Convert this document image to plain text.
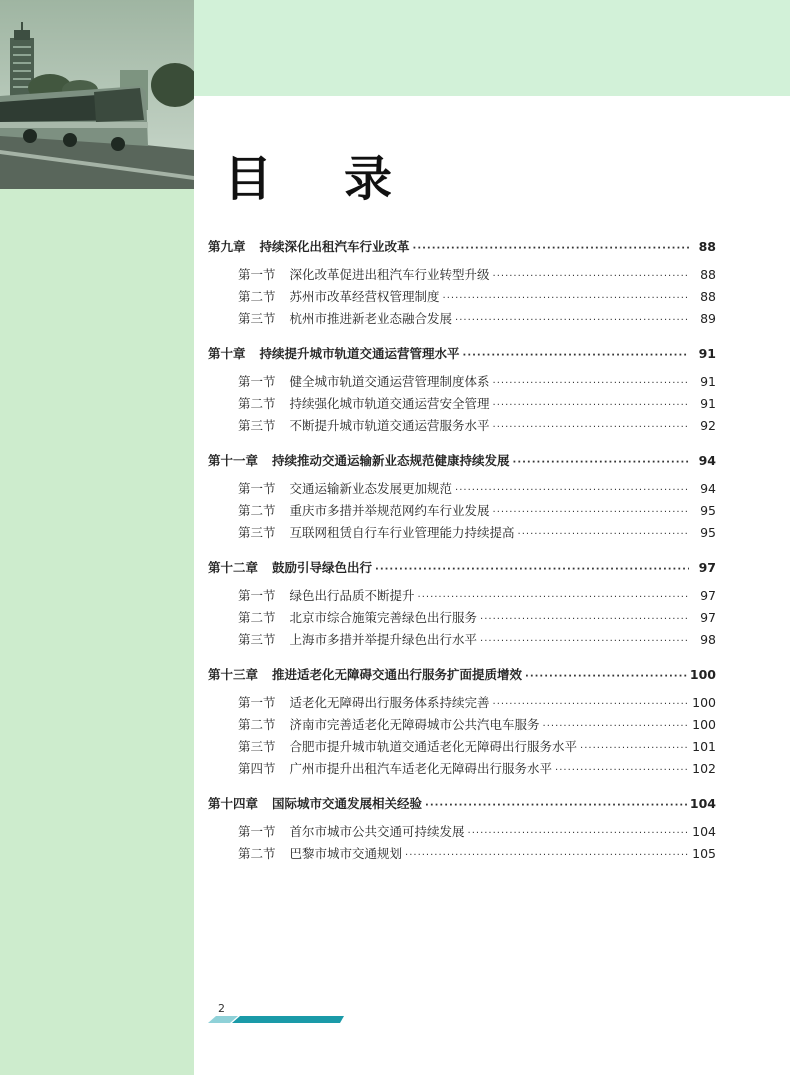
目录
第九章 持续深化出租汽车行业改革 ·····	88
第一节 深化改革促进出租汽车行业转型升级 ·····	88
第二节 苏州市改革经营权管理制度 ·····	88
第三节 杭州市推进新老业态融合发展 ·····	89
第十章 持续提升城市轨道交通运营管理水平 ·····	91
第一节 健全城市轨道交通运营管理制度体系 ·····	91
第二节 持续强化城市轨道交通运营安全管理 ·····	91
第三节 不断提升城市轨道交通运营服务水平 ·····	92
第十一章 持续推动交通运输新业态规范健康持续发展 ·····	94
第一节 交通运输新业态发展更加规范 ·····	94
第二节 重庆市多措并举规范网约车行业发展 ·····	95
第三节 互联网租赁自行车行业管理能力持续提高 ·····	95
第十二章 鼓励引导绿色出行 ·····	97
第一节 绿色出行品质不断提升 ·····	97
第二节 北京市综合施策完善绿色出行服务 ·····	97
第三节 上海市多措并举提升绿色出行水平 ·····	98
第十三章 推进适老化无障碍交通出行服务扩面提质增效 ·····	100
第一节 适老化无障碍出行服务体系持续完善 ·····	100
第二节 济南市完善适老化无障碍城市公共汽电车服务 ·····	100
第三节 合肥市提升城市轨道交通适老化无障碍出行服务水平 ·····	101
第四节 广州市提升出租汽车适老化无障碍出行服务水平 ·····	102
第十四章 国际城市交通发展相关经验 ·····	104
第一节 首尔市城市公共交通可持续发展 ·····	104
第二节 巴黎市城市交通规划 ·····	105
2
